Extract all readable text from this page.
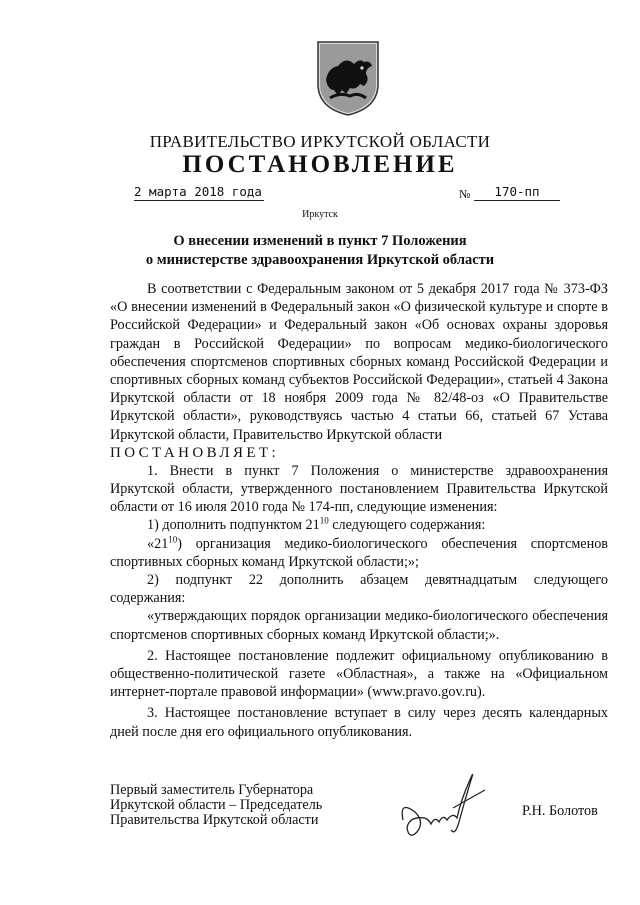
ПРАВИТЕЛЬСТВО ИРКУТСКОЙ ОБЛАСТИ
ПОСТАНОВЛЕНИЕ
2 марта 2018 года	№	170-пп
Иркутск
О внесении изменений в пункт 7 Положения
о министерстве здравоохранения Иркутской области

В соответствии с Федеральным законом от 5 декабря 2017 года № 373-ФЗ «О внесении изменений в Федеральный закон «О физической культуре и спорте в Российской Федерации» и Федеральный закон «Об основах охраны здоровья граждан в Российской Федерации» по вопросам медико-биологического обеспечения спортсменов спортивных сборных команд Российской Федерации и спортивных сборных команд субъектов Российской Федерации», статьей 4 Закона Иркутской области от 18 ноября 2009 года № 82/48-оз «О Правительстве Иркутской области», руководствуясь частью 4 статьи 66, статьей 67 Устава Иркутской области, Правительство Иркутской области

ПОСТАНОВЛЯЕТ:

1. Внести в пункт 7 Положения о министерстве здравоохранения Иркутской области, утвержденного постановлением Правительства Иркутской области от 16 июля 2010 года № 174-пп, следующие изменения:

1) дополнить подпунктом $21^{10}$ следующего содержания:

«$21^{10}$) организация медико-биологического обеспечения спортсменов спортивных сборных команд Иркутской области;»;

2) подпункт 22 дополнить абзацем девятнадцатым следующего содержания:

«утверждающих порядок организации медико-биологического обеспечения спортсменов спортивных сборных команд Иркутской области;».

2. Настоящее постановление подлежит официальному опубликованию в общественно-политической газете «Областная», а также на «Официальном интернет-портале правовой информации» (www.pravo.gov.ru).

3. Настоящее постановление вступает в силу через десять календарных дней после дня его официального опубликования.

Первый заместитель Губернатора
Иркутской области – Председатель
Правительства Иркутской области
Р.Н. Болотов
